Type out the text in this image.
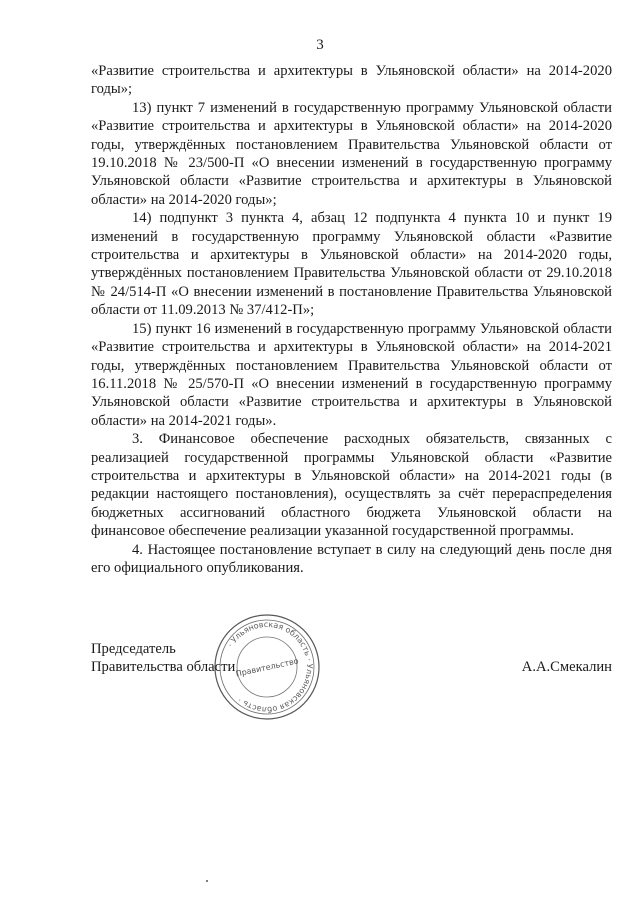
3

«Развитие строительства и архитектуры в Ульяновской области» на 2014-2020 годы»;

13) пункт 7 изменений в государственную программу Ульяновской области «Развитие строительства и архитектуры в Ульяновской области» на 2014-2020 годы, утверждённых постановлением Правительства Ульяновской области от 19.10.2018 № 23/500-П «О внесении изменений в государственную программу Ульяновской области «Развитие строительства и архитектуры в Ульяновской области» на 2014-2020 годы»;

14) подпункт 3 пункта 4, абзац 12 подпункта 4 пункта 10 и пункт 19 изменений в государственную программу Ульяновской области «Развитие строительства и архитектуры в Ульяновской области» на 2014-2020 годы, утверждённых постановлением Правительства Ульяновской области от 29.10.2018 № 24/514-П «О внесении изменений в постановление Правительства Ульяновской области от 11.09.2013 № 37/412-П»;

15) пункт 16 изменений в государственную программу Ульяновской области «Развитие строительства и архитектуры в Ульяновской области» на 2014-2021 годы, утверждённых постановлением Правительства Ульяновской области от 16.11.2018 № 25/570-П «О внесении изменений в государственную программу Ульяновской области «Развитие строительства и архитектуры в Ульяновской области» на 2014-2021 годы».

3. Финансовое обеспечение расходных обязательств, связанных с реализацией государственной программы Ульяновской области «Развитие строительства и архитектуры в Ульяновской области» на 2014-2021 годы (в редакции настоящего постановления), осуществлять за счёт перераспределения бюджетных ассигнований областного бюджета Ульяновской области на финансовое обеспечение реализации указанной государственной программы.

4. Настоящее постановление вступает в силу на следующий день после дня его официального опубликования.

Председатель
Правительства области	А.А.Смекалин
· Ульяновская область · Ульяновская область ·
Правительство
